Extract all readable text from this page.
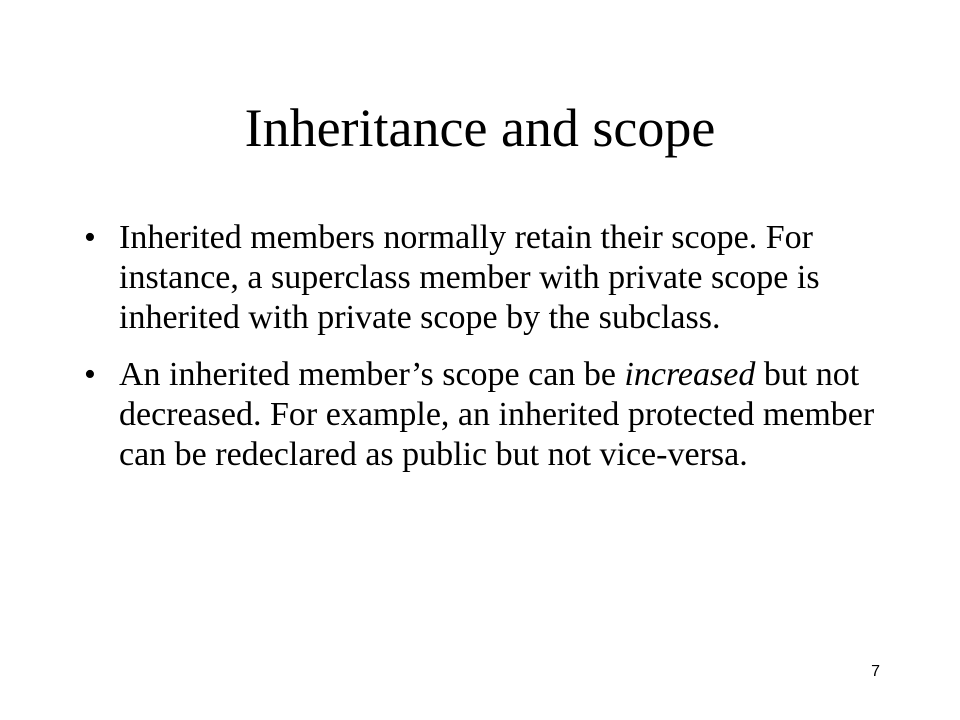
Inheritance and scope
• Inherited members normally retain their scope. For instance, a superclass member with private scope is inherited with private scope by the subclass.
• An inherited member’s scope can be increased but not decreased. For example, an inherited protected member can be redeclared as public but not vice-versa.
7
